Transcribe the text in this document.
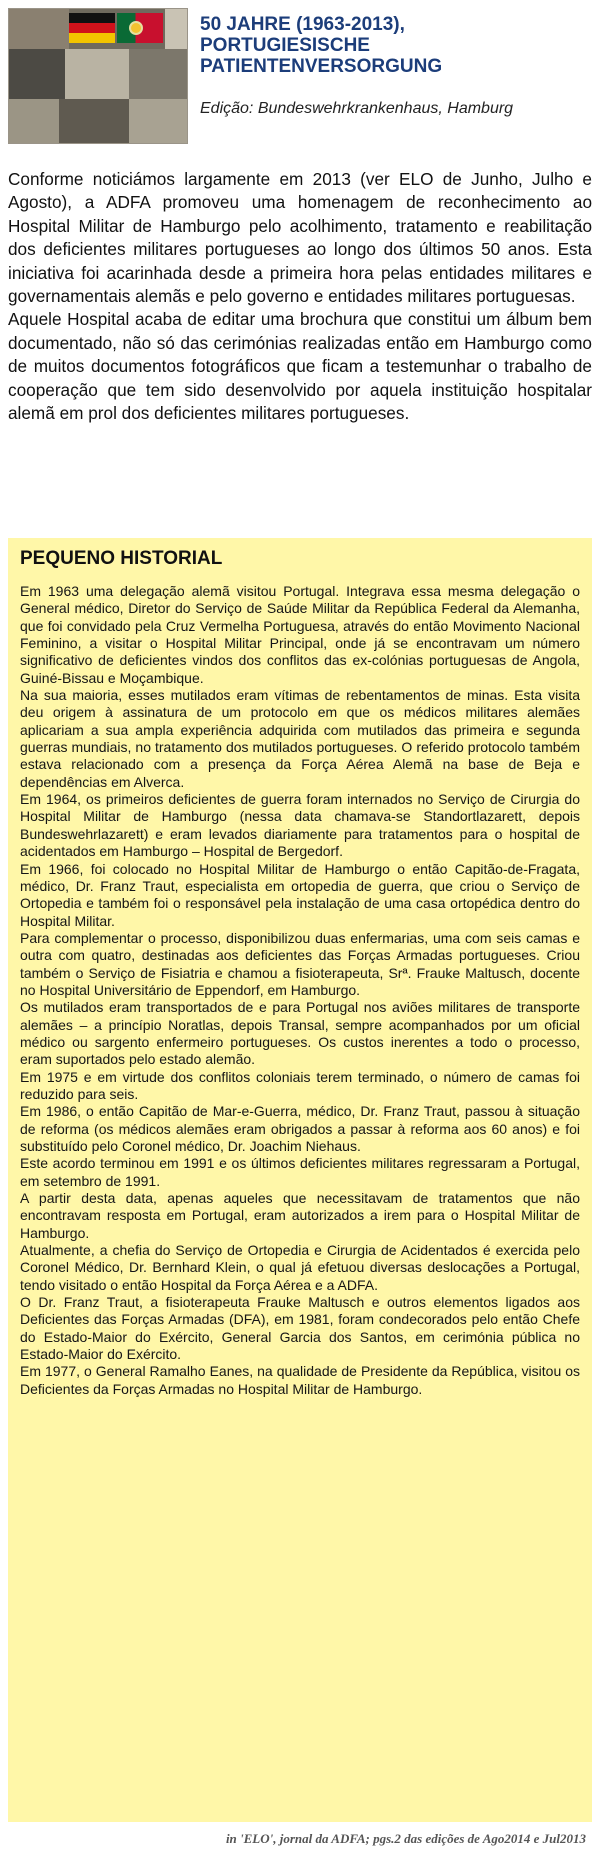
50 JAHRE (1963-2013),
PORTUGIESISCHE
PATIENTENVERSORGUNG

Edição: Bundeswehrkrankenhaus, Hamburg

Conforme noticiámos largamente em 2013 (ver ELO de Junho, Julho e Agosto), a ADFA promoveu uma homenagem de reconhecimento ao Hospital Militar de Hamburgo pelo acolhimento, tratamento e reabilitação dos deficientes militares portugueses ao longo dos últimos 50 anos. Esta iniciativa foi acarinhada desde a primeira hora pelas entidades militares e governamentais alemãs e pelo governo e entidades militares portuguesas.

Aquele Hospital acaba de editar uma brochura que constitui um álbum bem documentado, não só das cerimónias realizadas então em Hamburgo como de muitos documentos fotográficos que ficam a testemunhar o trabalho de cooperação que tem sido desenvolvido por aquela instituição hospitalar alemã em prol dos deficientes militares portugueses.

PEQUENO HISTORIAL

Em 1963 uma delegação alemã visitou Portugal. Integrava essa mesma delegação o General médico, Diretor do Serviço de Saúde Militar da República Federal da Alemanha, que foi convidado pela Cruz Vermelha Portuguesa, através do então Movimento Nacional Feminino, a visitar o Hospital Militar Principal, onde já se encontravam um número significativo de deficientes vindos dos conflitos das ex-colónias portuguesas de Angola, Guiné-Bissau e Moçambique.

Na sua maioria, esses mutilados eram vítimas de rebentamentos de minas. Esta visita deu origem à assinatura de um protocolo em que os médicos militares alemães aplicariam a sua ampla experiência adquirida com mutilados das primeira e segunda guerras mundiais, no tratamento dos mutilados portugueses. O referido protocolo também estava relacionado com a presença da Força Aérea Alemã na base de Beja e dependências em Alverca.

Em 1964, os primeiros deficientes de guerra foram internados no Serviço de Cirurgia do Hospital Militar de Hamburgo (nessa data chamava-se Standortlazarett, depois Bundeswehrlazarett) e eram levados diariamente para tratamentos para o hospital de acidentados em Hamburgo – Hospital de Bergedorf.

Em 1966, foi colocado no Hospital Militar de Hamburgo o então Capitão-de-Fragata, médico, Dr. Franz Traut, especialista em ortopedia de guerra, que criou o Serviço de Ortopedia e também foi o responsável pela instalação de uma casa ortopédica dentro do Hospital Militar.

Para complementar o processo, disponibilizou duas enfermarias, uma com seis camas e outra com quatro, destinadas aos deficientes das Forças Armadas portugueses. Criou também o Serviço de Fisiatria e chamou a fisioterapeuta, Srª. Frauke Maltusch, docente no Hospital Universitário de Eppendorf, em Hamburgo.

Os mutilados eram transportados de e para Portugal nos aviões militares de transporte alemães – a princípio Noratlas, depois Transal, sempre acompanhados por um oficial médico ou sargento enfermeiro portugueses. Os custos inerentes a todo o processo, eram suportados pelo estado alemão.

Em 1975 e em virtude dos conflitos coloniais terem terminado, o número de camas foi reduzido para seis.

Em 1986, o então Capitão de Mar-e-Guerra, médico, Dr. Franz Traut, passou à situação de reforma (os médicos alemães eram obrigados a passar à reforma aos 60 anos) e foi substituído pelo Coronel médico, Dr. Joachim Niehaus.

Este acordo terminou em 1991 e os últimos deficientes militares regressaram a Portugal, em setembro de 1991.

A partir desta data, apenas aqueles que necessitavam de tratamentos que não encontravam resposta em Portugal, eram autorizados a irem para o Hospital Militar de Hamburgo.

Atualmente, a chefia do Serviço de Ortopedia e Cirurgia de Acidentados é exercida pelo Coronel Médico, Dr. Bernhard Klein, o qual já efetuou diversas deslocações a Portugal, tendo visitado o então Hospital da Força Aérea e a ADFA.

O Dr. Franz Traut, a fisioterapeuta Frauke Maltusch e outros elementos ligados aos Deficientes das Forças Armadas (DFA), em 1981, foram condecorados pelo então Chefe do Estado-Maior do Exército, General Garcia dos Santos, em cerimónia pública no Estado-Maior do Exército.

Em 1977, o General Ramalho Eanes, na qualidade de Presidente da República, visitou os Deficientes da Forças Armadas no Hospital Militar de Hamburgo.

in 'ELO', jornal da ADFA; pgs.2 das edições de Ago2014 e Jul2013
